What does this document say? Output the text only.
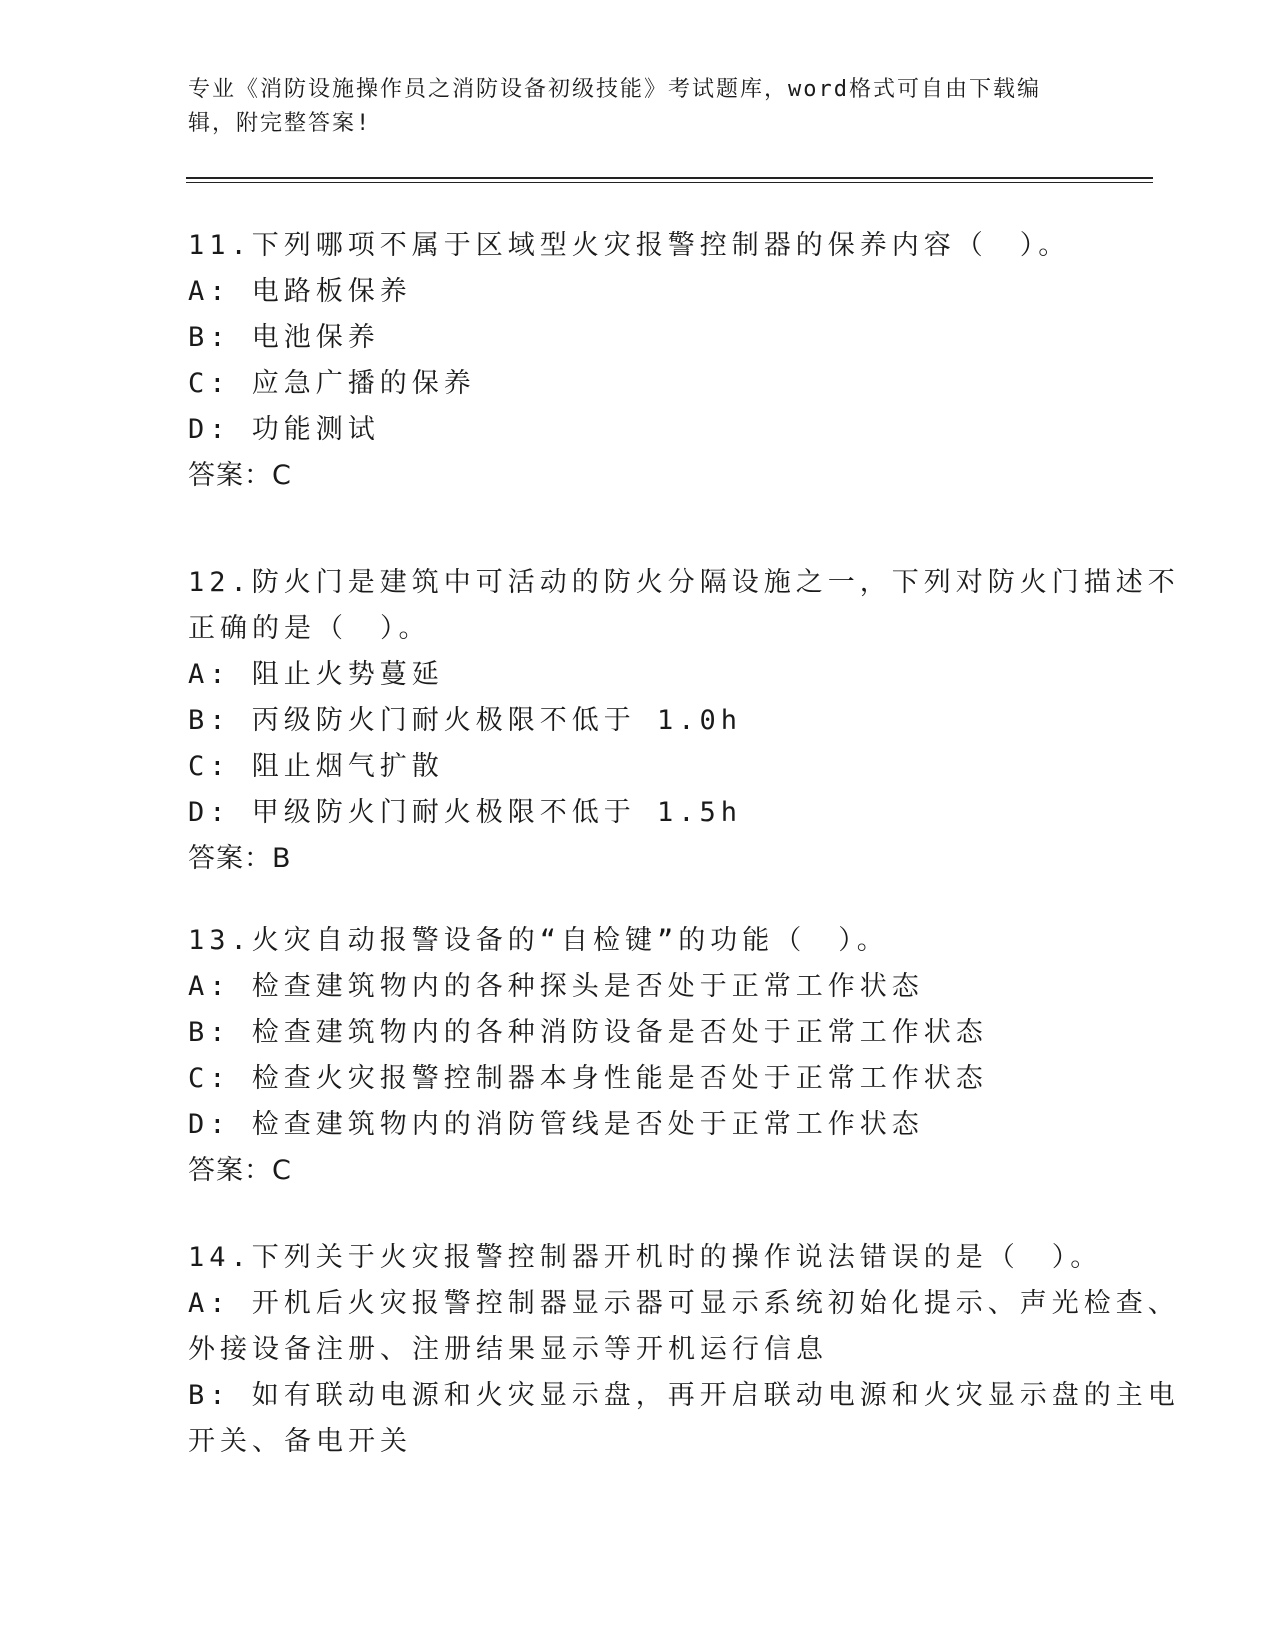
专业《消防设施操作员之消防设备初级技能》考试题库，word格式可自由下载编
辑，附完整答案!
11.下列哪项不属于区域型火灾报警控制器的保养内容（　）。
A: 电路板保养
B: 电池保养
C: 应急广播的保养
D: 功能测试
答案：C
12.防火门是建筑中可活动的防火分隔设施之一，下列对防火门描述不
正确的是（　）。
A: 阻止火势蔓延
B: 丙级防火门耐火极限不低于 1.0h
C: 阻止烟气扩散
D: 甲级防火门耐火极限不低于 1.5h
答案：B
13.火灾自动报警设备的“自检键”的功能（　）。
A: 检查建筑物内的各种探头是否处于正常工作状态
B: 检查建筑物内的各种消防设备是否处于正常工作状态
C: 检查火灾报警控制器本身性能是否处于正常工作状态
D: 检查建筑物内的消防管线是否处于正常工作状态
答案：C
14.下列关于火灾报警控制器开机时的操作说法错误的是（　）。
A: 开机后火灾报警控制器显示器可显示系统初始化提示、声光检查、
外接设备注册、注册结果显示等开机运行信息
B: 如有联动电源和火灾显示盘，再开启联动电源和火灾显示盘的主电
开关、备电开关
